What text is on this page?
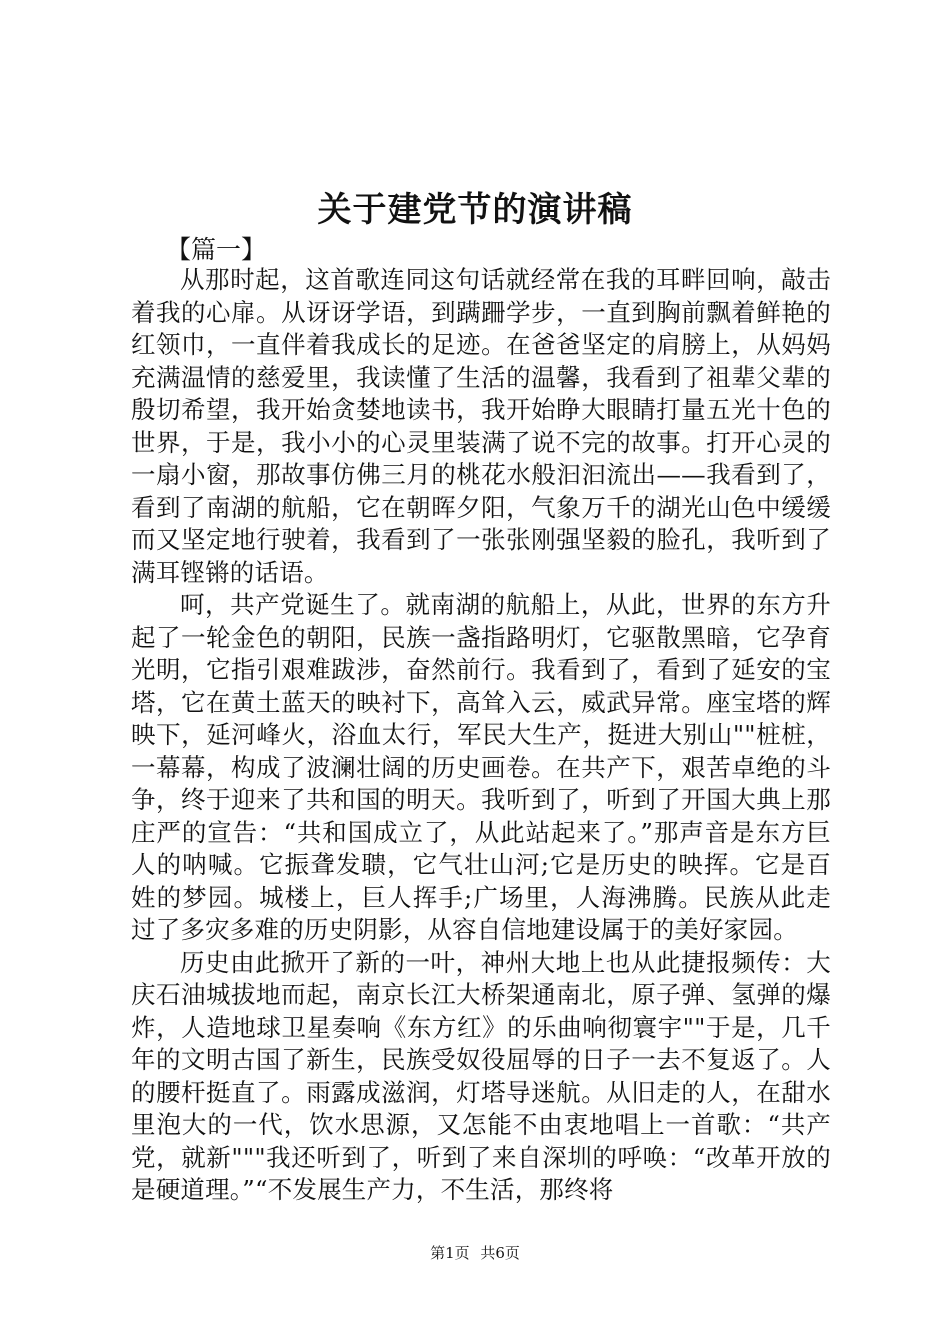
关于建党节的演讲稿

【篇一】

从那时起，这首歌连同这句话就经常在我的耳畔回响，敲击着我的心扉。从讶讶学语，到蹒跚学步，一直到胸前飘着鲜艳的红领巾，一直伴着我成长的足迹。在爸爸坚定的肩膀上，从妈妈充满温情的慈爱里，我读懂了生活的温馨，我看到了祖辈父辈的殷切希望，我开始贪婪地读书，我开始睁大眼睛打量五光十色的世界，于是，我小小的心灵里装满了说不完的故事。打开心灵的一扇小窗，那故事仿佛三月的桃花水般汩汩流出——我看到了，看到了南湖的航船，它在朝晖夕阳，气象万千的湖光山色中缓缓而又坚定地行驶着，我看到了一张张刚强坚毅的脸孔，我听到了满耳铿锵的话语。

呵，共产党诞生了。就南湖的航船上，从此，世界的东方升起了一轮金色的朝阳，民族一盏指路明灯，它驱散黑暗，它孕育光明，它指引艰难跋涉，奋然前行。我看到了，看到了延安的宝塔，它在黄土蓝天的映衬下，高耸入云，威武异常。座宝塔的辉映下，延河峰火，浴血太行，军民大生产，挺进大别山""桩桩，一幕幕，构成了波澜壮阔的历史画卷。在共产下，艰苦卓绝的斗争，终于迎来了共和国的明天。我听到了，听到了开国大典上那庄严的宣告：“共和国成立了，从此站起来了。”那声音是东方巨人的呐喊。它振聋发聩，它气壮山河;它是历史的映挥。它是百姓的梦园。城楼上，巨人挥手;广场里，人海沸腾。民族从此走过了多灾多难的历史阴影，从容自信地建设属于的美好家园。

历史由此掀开了新的一叶，神州大地上也从此捷报频传：大庆石油城拔地而起，南京长江大桥架通南北，原子弹、氢弹的爆炸，人造地球卫星奏响《东方红》的乐曲响彻寰宇""于是，几千年的文明古国了新生，民族受奴役屈辱的日子一去不复返了。人的腰杆挺直了。雨露成滋润，灯塔导迷航。从旧走的人，在甜水里泡大的一代，饮水思源，又怎能不由衷地唱上一首歌：“共产党，就新"""我还听到了，听到了来自深圳的呼唤：“改革开放的是硬道理。”“不发展生产力，不生活，那终将

第1页 共6页
